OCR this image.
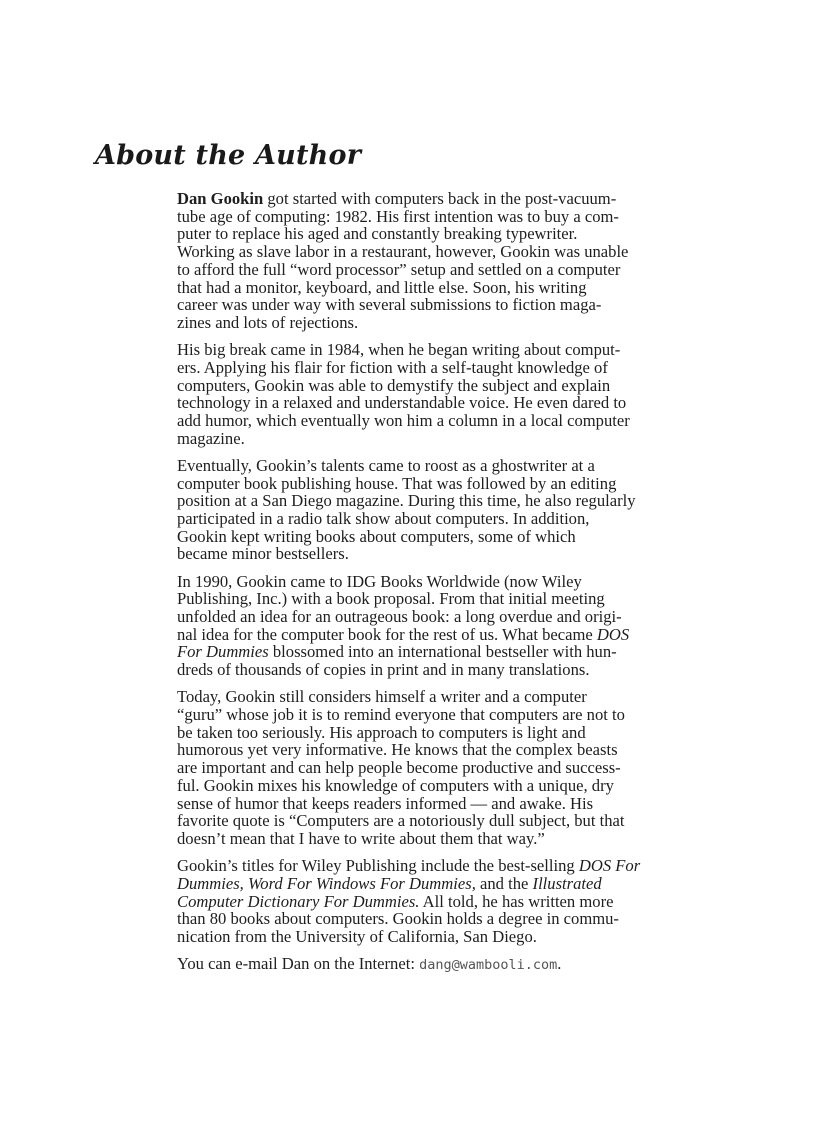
About the Author

Dan Gookin got started with computers back in the post-vacuum-
tube age of computing: 1982. His first intention was to buy a com-
puter to replace his aged and constantly breaking typewriter.
Working as slave labor in a restaurant, however, Gookin was unable
to afford the full “word processor” setup and settled on a computer
that had a monitor, keyboard, and little else. Soon, his writing
career was under way with several submissions to fiction maga-
zines and lots of rejections.

His big break came in 1984, when he began writing about comput-
ers. Applying his flair for fiction with a self-taught knowledge of
computers, Gookin was able to demystify the subject and explain
technology in a relaxed and understandable voice. He even dared to
add humor, which eventually won him a column in a local computer
magazine.

Eventually, Gookin’s talents came to roost as a ghostwriter at a
computer book publishing house. That was followed by an editing
position at a San Diego magazine. During this time, he also regularly
participated in a radio talk show about computers. In addition,
Gookin kept writing books about computers, some of which
became minor bestsellers.

In 1990, Gookin came to IDG Books Worldwide (now Wiley
Publishing, Inc.) with a book proposal. From that initial meeting
unfolded an idea for an outrageous book: a long overdue and origi-
nal idea for the computer book for the rest of us. What became DOS
For Dummies blossomed into an international bestseller with hun-
dreds of thousands of copies in print and in many translations.

Today, Gookin still considers himself a writer and a computer
“guru” whose job it is to remind everyone that computers are not to
be taken too seriously. His approach to computers is light and
humorous yet very informative. He knows that the complex beasts
are important and can help people become productive and success-
ful. Gookin mixes his knowledge of computers with a unique, dry
sense of humor that keeps readers informed — and awake. His
favorite quote is “Computers are a notoriously dull subject, but that
doesn’t mean that I have to write about them that way.”

Gookin’s titles for Wiley Publishing include the best-selling DOS For
Dummies, Word For Windows For Dummies, and the Illustrated
Computer Dictionary For Dummies. All told, he has written more
than 80 books about computers. Gookin holds a degree in commu-
nication from the University of California, San Diego.

You can e-mail Dan on the Internet: dang@wambooli.com.
